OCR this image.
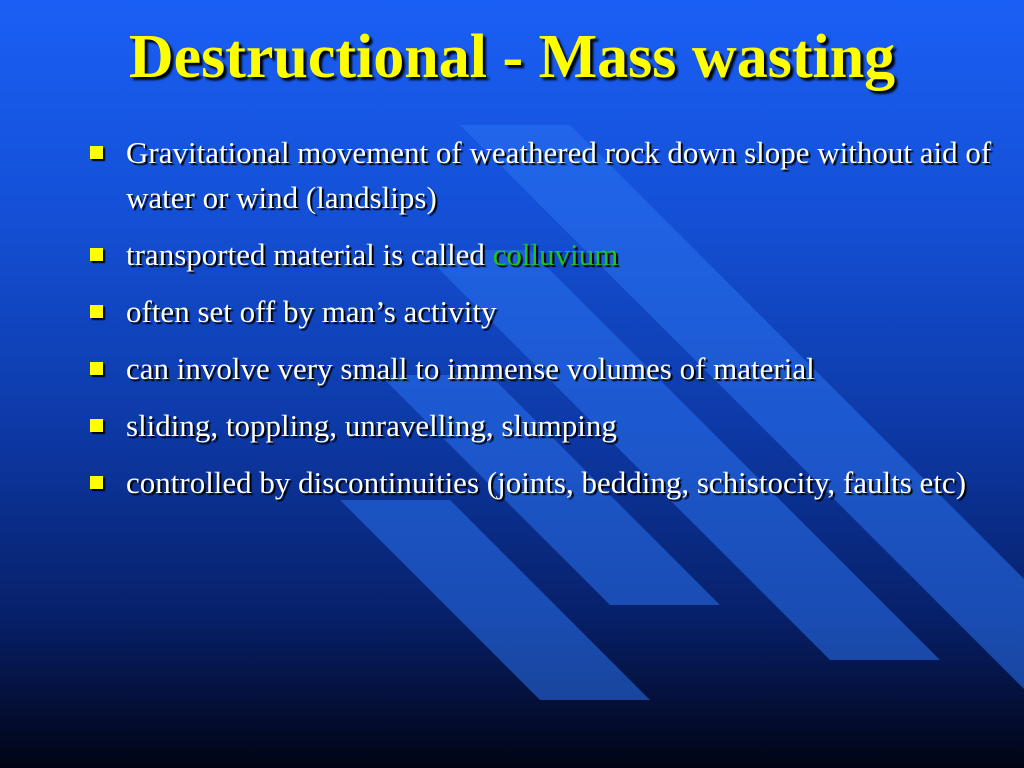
Destructional - Mass wasting
Gravitational movement of weathered rock down slope without aid of water or wind (landslips)
transported material is called colluvium
often set off by man’s activity
can involve very small to immense volumes of material
sliding, toppling, unravelling, slumping
controlled by discontinuities (joints, bedding, schistocity, faults etc)
